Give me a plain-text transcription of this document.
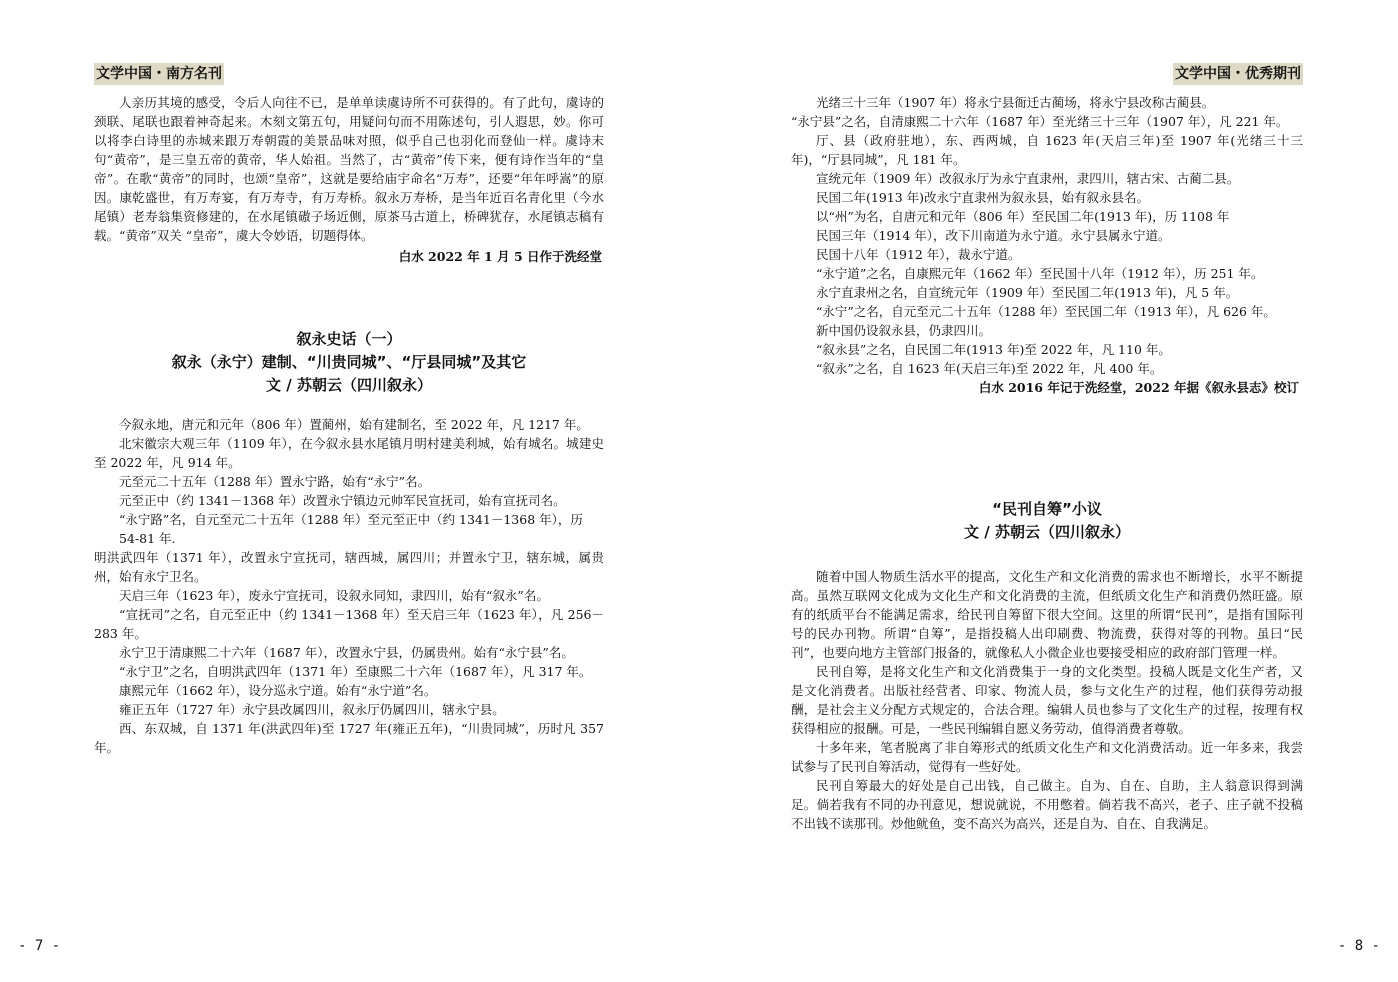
文学中国・南方名刊

人亲历其境的感受，令后人向往不已，是单单读虞诗所不可获得的。有了此句，虞诗的颈联、尾联也跟着神奇起来。木刻文第五句，用疑问句而不用陈述句，引人遐思，妙。你可以将李白诗里的赤城来跟万寿朝霞的美景品味对照，似乎自己也羽化而登仙一样。虞诗末句“黄帝”，是三皇五帝的黄帝，华人始祖。当然了，古“黄帝”传下来，便有诗作当年的“皇帝”。在歌“黄帝”的同时，也颂“皇帝”，这就是要给庙宇命名“万寿”，还要“年年呼嵩”的原因。康乾盛世，有万寿宴，有万寿寺，有万寿桥。叙永万寿桥，是当年近百名青化里（今水尾镇）老寿翁集资修建的，在水尾镇磝子场近侧，原茶马古道上，桥碑犹存，水尾镇志稿有载。“黄帝”双关 “皇帝”，虞大令妙语，切题得体。

白水 2022 年 1 月 5 日作于洗经堂

叙永史话（一）
叙永（永宁）建制、“川贵同城”、“厅县同城”及其它
文 / 苏朝云（四川叙永）

今叙永地，唐元和元年（806 年）置蔺州，始有建制名，至 2022 年，凡 1217 年。

北宋徽宗大观三年（1109 年），在今叙永县水尾镇月明村建美利城，始有城名。城建史至 2022 年，凡 914 年。

元至元二十五年（1288 年）置永宁路，始有“永宁”名。

元至正中（约 1341－1368 年）改置永宁镇边元帅军民宣抚司，始有宣抚司名。

“永宁路”名，自元至元二十五年（1288 年）至元至正中（约 1341－1368 年），历

54-81 年.

明洪武四年（1371 年），改置永宁宣抚司，辖西城，属四川；并置永宁卫，辖东城，属贵州，始有永宁卫名。

天启三年（1623 年），废永宁宣抚司，设叙永同知，隶四川，始有“叙永”名。

“宣抚司”之名，自元至正中（约 1341－1368 年）至天启三年（1623 年），凡 256－283 年。

永宁卫于清康熙二十六年（1687 年），改置永宁县，仍属贵州。始有“永宁县”名。

“永宁卫”之名，自明洪武四年（1371 年）至康熙二十六年（1687 年），凡 317 年。

康熙元年（1662 年），设分巡永宁道。始有“永宁道”名。

雍正五年（1727 年）永宁县改属四川，叙永厅仍属四川，辖永宁县。

西、东双城，自 1371 年(洪武四年)至 1727 年(雍正五年)，“川贵同城”，历时凡 357 年。

- 7 -
文学中国・优秀期刊

光绪三十三年（1907 年）将永宁县衙迁古蔺场，将永宁县改称古蔺县。

“永宁县”之名，自清康熙二十六年（1687 年）至光绪三十三年（1907 年），凡 221 年。

厅、县（政府驻地），东、西两城，自 1623 年(天启三年)至 1907 年(光绪三十三年)，“厅县同城”，凡 181 年。

宣统元年（1909 年）改叙永厅为永宁直隶州，隶四川，辖古宋、古蔺二县。

民国二年(1913 年)改永宁直隶州为叙永县，始有叙永县名。

以“州”为名，自唐元和元年（806 年）至民国二年(1913 年)，历 1108 年

民国三年（1914 年），改下川南道为永宁道。永宁县属永宁道。

民国十八年（1912 年），裁永宁道。

“永宁道”之名，自康熙元年（1662 年）至民国十八年（1912 年），历 251 年。

永宁直隶州之名，自宣统元年（1909 年）至民国二年(1913 年)，凡 5 年。

“永宁”之名，自元至元二十五年（1288 年）至民国二年（1913 年），凡 626 年。

新中国仍设叙永县，仍隶四川。

“叙永县”之名，自民国二年(1913 年)至 2022 年，凡 110 年。

“叙永”之名，自 1623 年(天启三年)至 2022 年，凡 400 年。

白水 2016 年记于洗经堂，2022 年据《叙永县志》校订

“民刊自筹”小议
文 / 苏朝云（四川叙永）

随着中国人物质生活水平的提高，文化生产和文化消费的需求也不断增长，水平不断提高。虽然互联网文化成为文化生产和文化消费的主流，但纸质文化生产和消费仍然旺盛。原有的纸质平台不能满足需求，给民刊自筹留下很大空间。这里的所谓“民刊”，是指有国际刊号的民办刊物。所谓“自筹”，是指投稿人出印刷费、物流费，获得对等的刊物。虽曰“民刊”，也要向地方主管部门报备的，就像私人小微企业也要接受相应的政府部门管理一样。

民刊自筹，是将文化生产和文化消费集于一身的文化类型。投稿人既是文化生产者，又是文化消费者。出版社经营者、印家、物流人员，参与文化生产的过程，他们获得劳动报酬，是社会主义分配方式规定的，合法合理。编辑人员也参与了文化生产的过程，按理有权获得相应的报酬。可是，一些民刊编辑自愿义务劳动，值得消费者尊敬。

十多年来，笔者脱离了非自筹形式的纸质文化生产和文化消费活动。近一年多来，我尝试参与了民刊自筹活动，觉得有一些好处。

民刊自筹最大的好处是自己出钱，自己做主。自为、自在、自助，主人翁意识得到满足。倘若我有不同的办刊意见，想说就说，不用憋着。倘若我不高兴，老子、庄子就不投稿不出钱不读那刊。炒他鱿鱼，变不高兴为高兴，还是自为、自在、自我满足。

- 8 -
